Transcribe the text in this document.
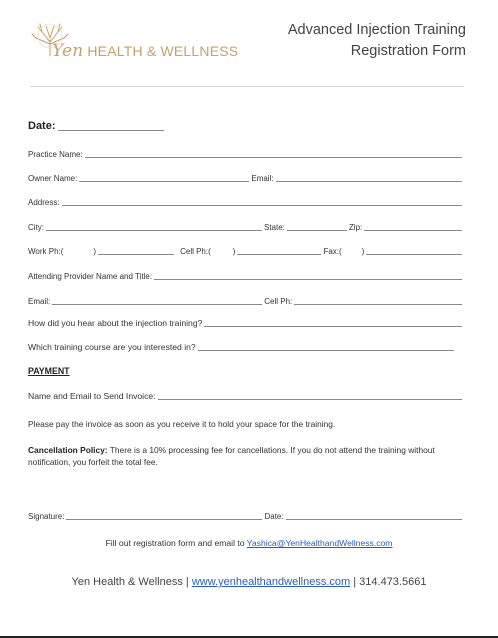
Yen HEALTH & WELLNESS
Advanced Injection Training
Registration Form
Date:
Practice Name:
Owner Name:	Email:
Address:
City:	State:	Zip:
Work Ph:(	)	Cell Ph:(	)	Fax:(	)
Attending Provider Name and Title:
Email:	Cell Ph:
How did you hear about the injection training?
Which training course are you interested in?
PAYMENT
Name and Email to Send Invoice:
Please pay the invoice as soon as you receive it to hold your space for the training.
Cancellation Policy: There is a 10% processing fee for cancellations. If you do not attend the training without notification, you forfeit the total fee.
Signature:	Date:
Fill out registration form and email to Yashica@YenHealthandWellness.com
Yen Health & Wellness | www.yenhealthandwellness.com | 314.473.5661
